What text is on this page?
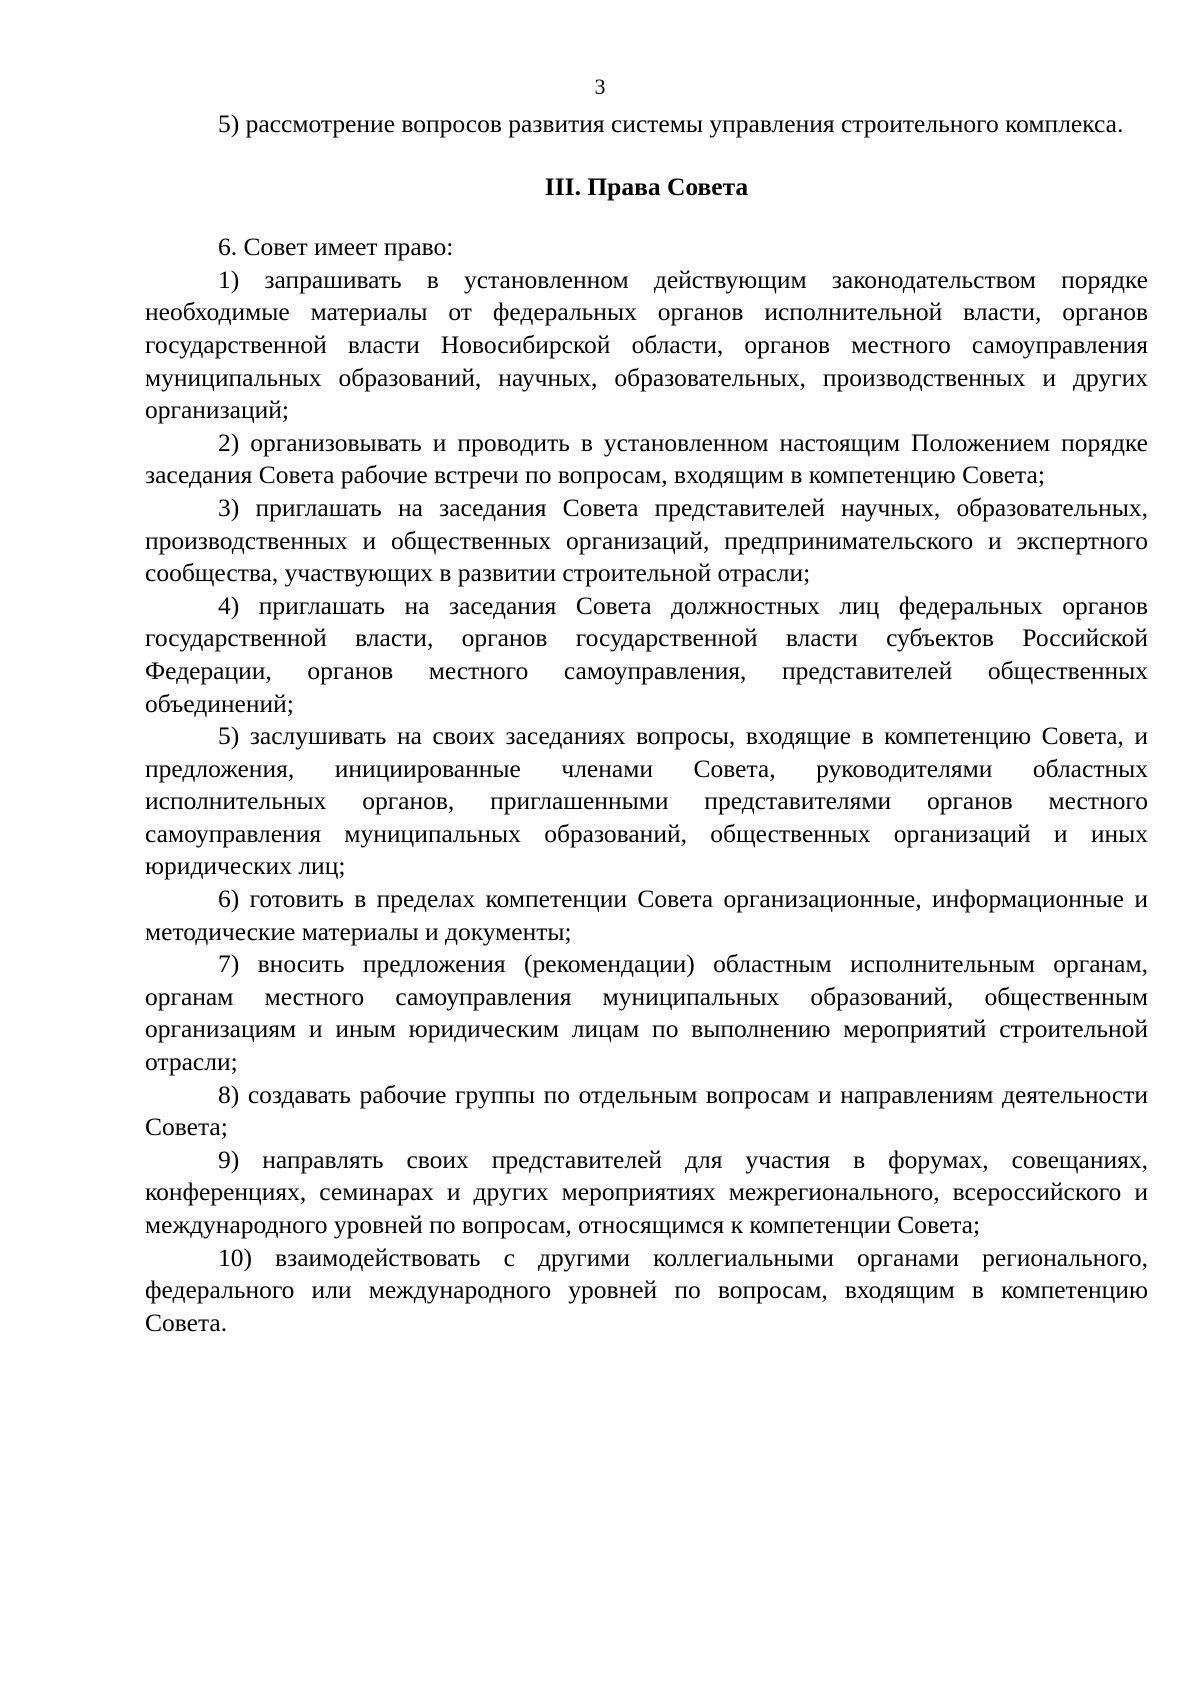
3

5) рассмотрение вопросов развития системы управления строительного комплекса.

III. Права Совета

6. Совет имеет право:

1) запрашивать в установленном действующим законодательством порядке необходимые материалы от федеральных органов исполнительной власти, органов государственной власти Новосибирской области, органов местного самоуправления муниципальных образований, научных, образовательных, производственных и других организаций;

2) организовывать и проводить в установленном настоящим Положением порядке заседания Совета рабочие встречи по вопросам, входящим в компетенцию Совета;

3) приглашать на заседания Совета представителей научных, образовательных, производственных и общественных организаций, предпринимательского и экспертного сообщества, участвующих в развитии строительной отрасли;

4) приглашать на заседания Совета должностных лиц федеральных органов государственной власти, органов государственной власти субъектов Российской Федерации, органов местного самоуправления, представителей общественных объединений;

5) заслушивать на своих заседаниях вопросы, входящие в компетенцию Совета, и предложения, инициированные членами Совета, руководителями областных исполнительных органов, приглашенными представителями органов местного самоуправления муниципальных образований, общественных организаций и иных юридических лиц;

6) готовить в пределах компетенции Совета организационные, информационные и методические материалы и документы;

7) вносить предложения (рекомендации) областным исполнительным органам, органам местного самоуправления муниципальных образований, общественным организациям и иным юридическим лицам по выполнению мероприятий строительной отрасли;

8) создавать рабочие группы по отдельным вопросам и направлениям деятельности Совета;

9) направлять своих представителей для участия в форумах, совещаниях, конференциях, семинарах и других мероприятиях межрегионального, всероссийского и международного уровней по вопросам, относящимся к компетенции Совета;

10) взаимодействовать с другими коллегиальными органами регионального, федерального или международного уровней по вопросам, входящим в компетенцию Совета.
